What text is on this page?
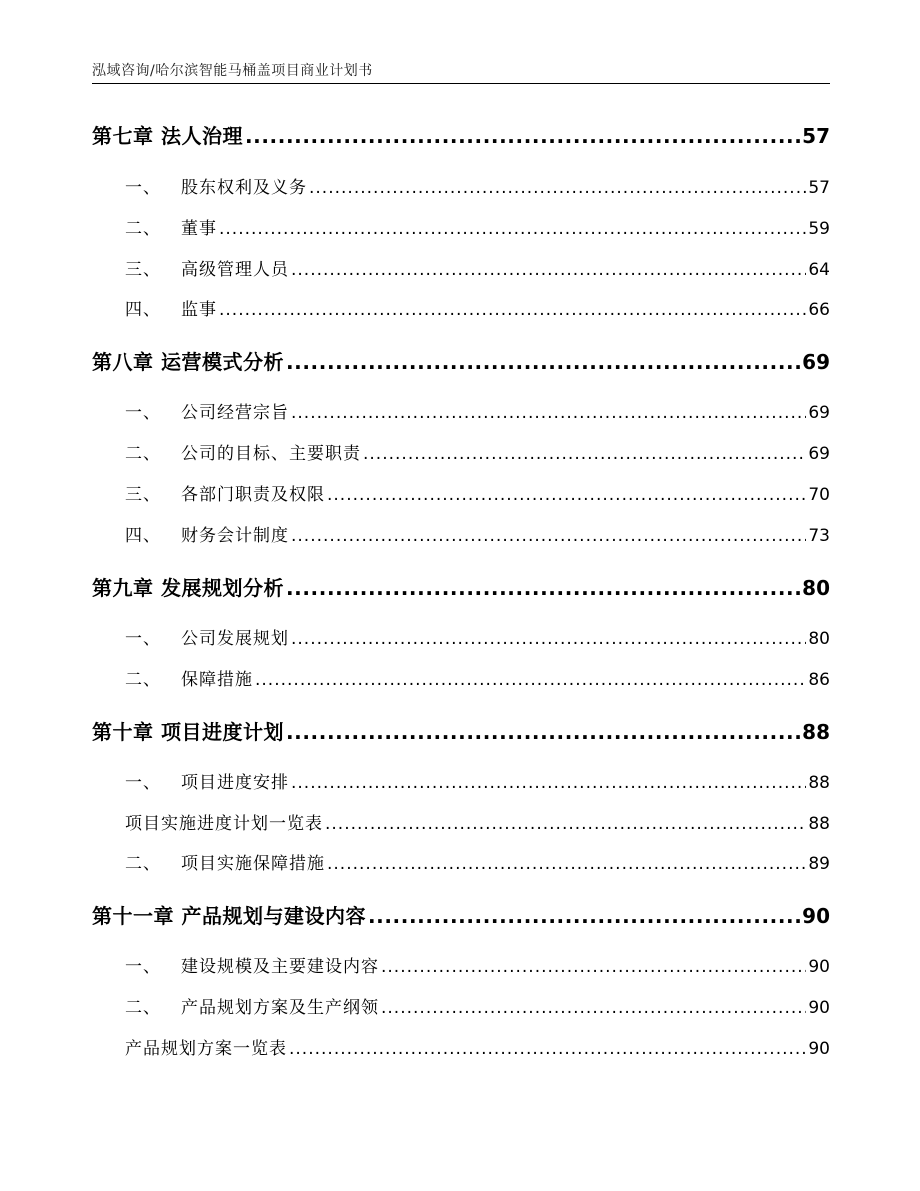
泓域咨询/哈尔滨智能马桶盖项目商业计划书
第七章 法人治理 .....	57
一、 股东权利及义务 .....	57
二、 董事 .....	59
三、 高级管理人员 .....	64
四、 监事 .....	66
第八章 运营模式分析 .....	69
一、 公司经营宗旨 .....	69
二、 公司的目标、主要职责 .....	69
三、 各部门职责及权限 .....	70
四、 财务会计制度 .....	73
第九章 发展规划分析 .....	80
一、 公司发展规划 .....	80
二、 保障措施 .....	86
第十章 项目进度计划 .....	88
一、 项目进度安排 .....	88
项目实施进度计划一览表 .....	88
二、 项目实施保障措施 .....	89
第十一章 产品规划与建设内容 .....	90
一、 建设规模及主要建设内容 .....	90
二、 产品规划方案及生产纲领 .....	90
产品规划方案一览表 .....	90
